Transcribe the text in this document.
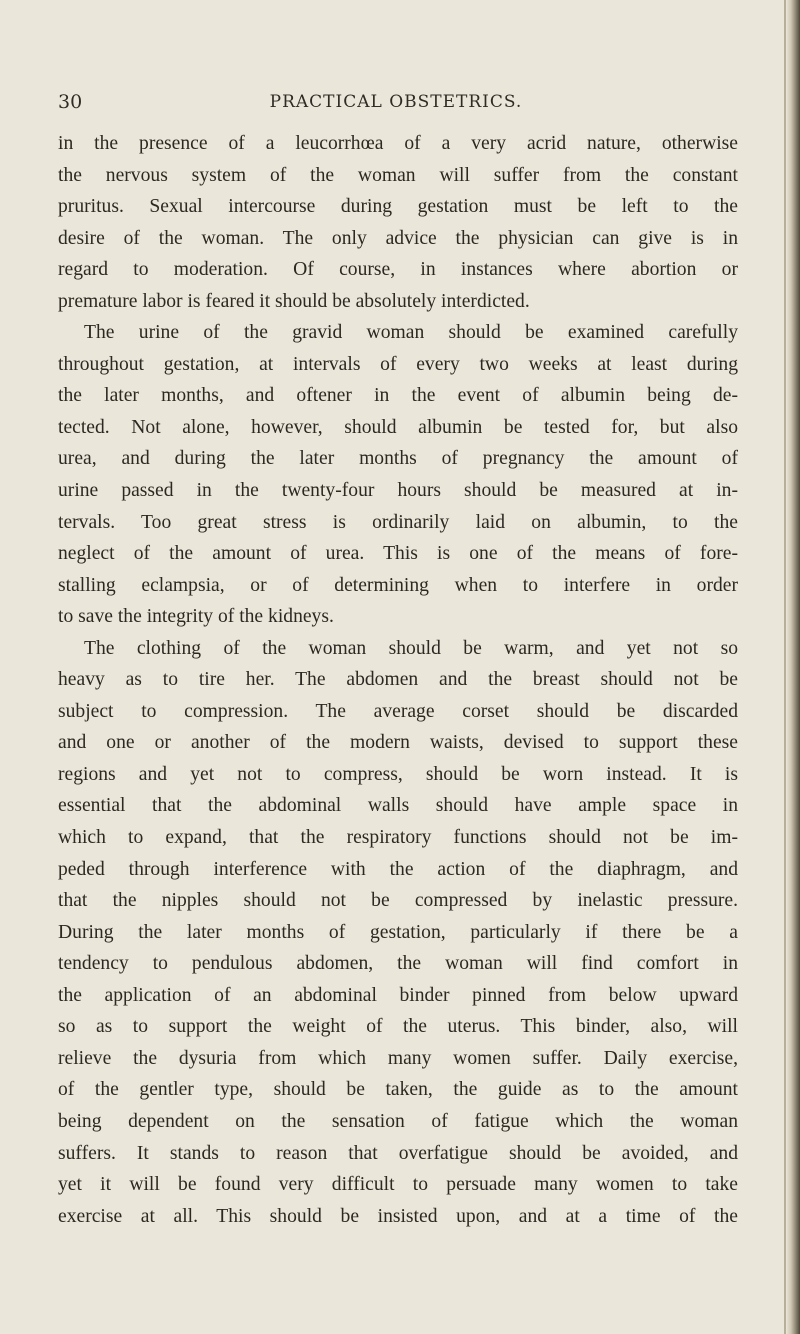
30	PRACTICAL OBSTETRICS.
in the presence of a leucorrhœa of a very acrid nature, otherwise
the nervous system of the woman will suffer from the constant
pruritus. Sexual intercourse during gestation must be left to the
desire of the woman. The only advice the physician can give is in
regard to moderation. Of course, in instances where abortion or
premature labor is feared it should be absolutely interdicted.
The urine of the gravid woman should be examined carefully
throughout gestation, at intervals of every two weeks at least during
the later months, and oftener in the event of albumin being de-
tected. Not alone, however, should albumin be tested for, but also
urea, and during the later months of pregnancy the amount of
urine passed in the twenty-four hours should be measured at in-
tervals. Too great stress is ordinarily laid on albumin, to the
neglect of the amount of urea. This is one of the means of fore-
stalling eclampsia, or of determining when to interfere in order
to save the integrity of the kidneys.
The clothing of the woman should be warm, and yet not so
heavy as to tire her. The abdomen and the breast should not be
subject to compression. The average corset should be discarded
and one or another of the modern waists, devised to support these
regions and yet not to compress, should be worn instead. It is
essential that the abdominal walls should have ample space in
which to expand, that the respiratory functions should not be im-
peded through interference with the action of the diaphragm, and
that the nipples should not be compressed by inelastic pressure.
During the later months of gestation, particularly if there be a
tendency to pendulous abdomen, the woman will find comfort in
the application of an abdominal binder pinned from below upward
so as to support the weight of the uterus. This binder, also, will
relieve the dysuria from which many women suffer. Daily exercise,
of the gentler type, should be taken, the guide as to the amount
being dependent on the sensation of fatigue which the woman
suffers. It stands to reason that overfatigue should be avoided, and
yet it will be found very difficult to persuade many women to take
exercise at all. This should be insisted upon, and at a time of the
